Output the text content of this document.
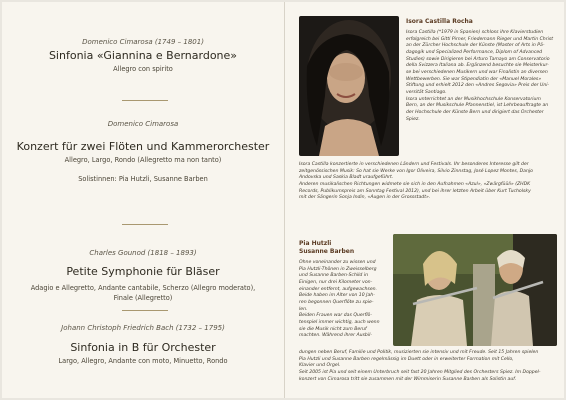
Domenico Cimarosa (1749 – 1801)
Sinfonia «Giannina e Bernardone»
Allegro con spirito
Domenico Cimarosa
Konzert für zwei Flöten und Kammerorchester
Allegro, Largo, Rondo (Allegretto ma non tanto)
Solistinnen: Pia Hutzli, Susanne Barben
Charles Gounod (1818 – 1893)
Petite Symphonie für Bläser
Adagio e Allegretto, Andante cantabile, Scherzo (Allegro moderato),
Finale (Allegretto)
Johann Christoph Friedrich Bach (1732 – 1795)
Sinfonia in B für Orchester
Largo, Allegro, Andante con moto, Minuetto, Rondo
Isora Castilla Rocha
Isora Castilla (*1979 in Spanien) schloss ihre Klavierstudien
erfolgreich bei Gitti Pirner, Friedemann Rieger und Martin Christ
an der Zürcher Hochschule der Künste (Master of Arts in Pä-
dagogik und Specialized Performance, Diplom of Advanced
Studies) sowie Dirigieren bei Arturo Tamayo am Conservatorio
della Svizzera Italiana ab. Ergänzend besuchte sie Meisterkur-
se bei verschiedenen Musikern und war Finalistin an diversen
Wettbewerben. Sie war Stipendiatin der «Manuel Morales»
Stiftung und erhielt 2012 den «Andres Segovia» Preis der Uni-
versität Santiago.
Isora unterrichtet an der Musikhochschule Konservatorium
Bern, an der Musikschule Pfannenstiel, ist Lehrbeauftragte an
der Hochschule der Künste Bern und dirigiert das Orchester
Spiez.
Isora Castilla konzertierte in verschiedenen Ländern und Festivals. Ihr besonderes Interesse gilt der
zeitgenössischen Musik: So hat sie Werke von Igor Oliveira, Silvio Zinnstag, José Lopez Montes, Danjo
Andovska und Saskia Bladt uraufgeführt.
Anderen musikalischen Richtungen widmete sie sich in den Aufnahmen «Azul», «Zwärgfüüli» (ZHDK
Records, Publikumspreis am Sonntag Festival 2012), und bei ihrer letzten Arbeit über Kurt Tucholsky
mit der Sängerin Sonja Indin, «Augen in der Grossstadt».
Pia Hutzli
Susanne Barben
Ohne voneinander zu wissen und
Pia Hutzli-Thönen in Zweisselberg
und Susanne Barben-Schild in
Einigen, nur drei Kilometer von-
einander entfernt, aufgewachsen.
Beide haben im Alter von 10 Jah-
ren begonnen Querflöte zu spie-
len.
Beiden Frauen war das Querflö-
tenspiel immer wichtig, auch wenn
sie die Musik nicht zum Beruf
machten. Während ihrer Ausbil-
dungen neben Beruf, Familie und Politik, musizierten sie intensiv und mit Freude. Seit 15 Jahren spielen
Pia Hutzli und Susanne Barben regelmässig im Duett oder in erweiterter Formation mit Cello,
Klavier und Orgel.
Seit 2005 ist Pia und seit einem Unterbruch seit fast 20 Jahren Mitglied des Orchesters Spiez. Im Doppel-
konzert von Cimarosa tritt sie zusammen mit der Wimmiserin Susanne Barben als Solistin auf.
